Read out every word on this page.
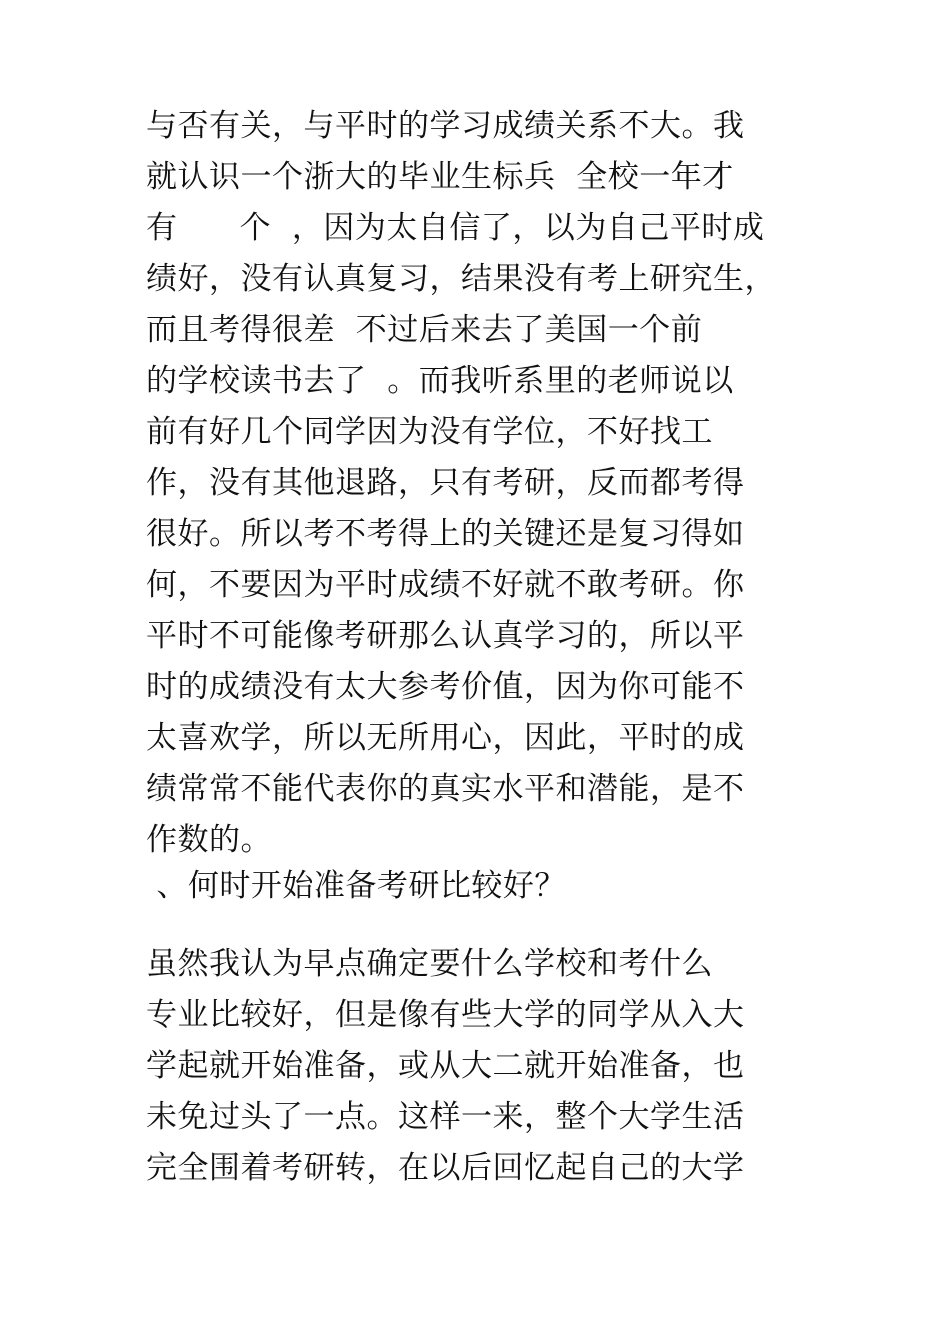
与否有关，与平时的学习成绩关系不大。我
就认识一个浙大的毕业生标兵  全校一年才
有      个  ，因为太自信了，以为自己平时成
绩好，没有认真复习，结果没有考上研究生，
而且考得很差  不过后来去了美国一个前
的学校读书去了  。而我听系里的老师说以
前有好几个同学因为没有学位，不好找工
作，没有其他退路，只有考研，反而都考得
很好。所以考不考得上的关键还是复习得如
何，不要因为平时成绩不好就不敢考研。你
平时不可能像考研那么认真学习的，所以平
时的成绩没有太大参考价值，因为你可能不
太喜欢学，所以无所用心，因此，平时的成
绩常常不能代表你的真实水平和潜能，是不
作数的。
、何时开始准备考研比较好？
虽然我认为早点确定要什么学校和考什么
专业比较好，但是像有些大学的同学从入大
学起就开始准备，或从大二就开始准备，也
未免过头了一点。这样一来，整个大学生活
完全围着考研转，在以后回忆起自己的大学
